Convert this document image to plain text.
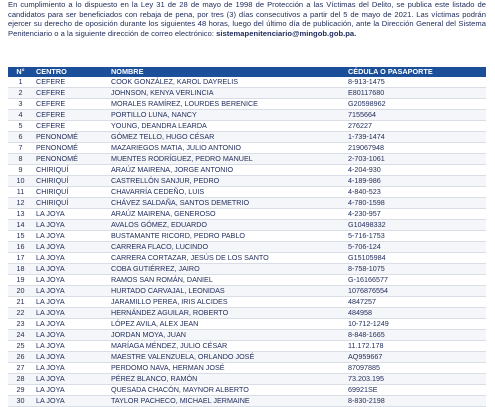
En cumplimiento a lo dispuesto en la Ley 31 de 28 de mayo de 1998 de Protección a las Víctimas del Delito, se publica este listado de candidatos para ser beneficiados con rebaja de pena, por tres (3) días consecutivos a partir del 5 de mayo de 2021. Las víctimas podrán ejercer su derecho de oposición durante los siguientes 48 horas, luego del último día de publicación, ante la Dirección General del Sistema Penitenciario o a la siguiente dirección de correo electrónico: sistemapenitenciario@mingob.gob.pa.

N°	CENTRO	NOMBRE	CÉDULA O PASAPORTE
1	CEFERE	COOK GONZÁLEZ, KAROL DAYRELIS	8-913-1475
2	CEFERE	JOHNSON, KENYA VERLINCIA	E80117680
3	CEFERE	MORALES RAMÍREZ, LOURDES BERENICE	G20598962
4	CEFERE	PORTILLO LUNA, NANCY	7155664
5	CEFERE	YOUNG, DEANDRA LEARDA	276227
6	PENONOMÉ	GÓMEZ TELLO, HUGO CÉSAR	1-739-1474
7	PENONOMÉ	MAZARIEGOS MATIA, JULIO ANTONIO	219067948
8	PENONOMÉ	MUENTES RODRÍGUEZ, PEDRO MANUEL	2-703-1061
9	CHIRIQUÍ	ARAÚZ MAIRENA, JORGE ANTONIO	4-204-930
10	CHIRIQUÍ	CASTRELLÓN SANJUR, PEDRO	4-189-986
11	CHIRIQUÍ	CHAVARRÍA CEDEÑO, LUIS	4-840-523
12	CHIRIQUÍ	CHÁVEZ SALDAÑA, SANTOS DEMETRIO	4-780-1598
13	LA JOYA	ARAÚZ MAIRENA, GENEROSO	4-230-957
14	LA JOYA	AVALOS GÓMEZ, EDUARDO	G10498332
15	LA JOYA	BUSTAMANTE RICORD, PEDRO PABLO	5-716-1753
16	LA JOYA	CARRERA FLACO, LUCINDO	5-706-124
17	LA JOYA	CARRERA CORTAZAR, JESÚS DE LOS SANTO	G15105984
18	LA JOYA	COBA GUTIÉRREZ, JAIRO	8-758-1075
19	LA JOYA	RAMOS SAN ROMÁN, DANIEL	G-16166577
20	LA JOYA	HURTADO CARVAJAL, LEONIDAS	1076876554
21	LA JOYA	JARAMILLO PEREA, IRIS ALCIDES	4847257
22	LA JOYA	HERNÁNDEZ AGUILAR, ROBERTO	484958
23	LA JOYA	LÓPEZ AVILA, ALEX JEAN	10-712-1249
24	LA JOYA	JORDAN MOYA, JUAN	8-848-1665
25	LA JOYA	MARÍAGA MÉNDEZ, JULIO CÉSAR	11.172.178
26	LA JOYA	MAESTRE VALENZUELA, ORLANDO JOSÉ	AQ959667
27	LA JOYA	PERDOMO NAVA, HERMAN JOSÉ	87097885
28	LA JOYA	PÉREZ BLANCO, RAMÓN	73.203.195
29	LA JOYA	QUESADA CHACÓN, MAYNOR ALBERTO	69921SE
30	LA JOYA	TAYLOR PACHECO, MICHAEL JERMAINE	8-830-2198
